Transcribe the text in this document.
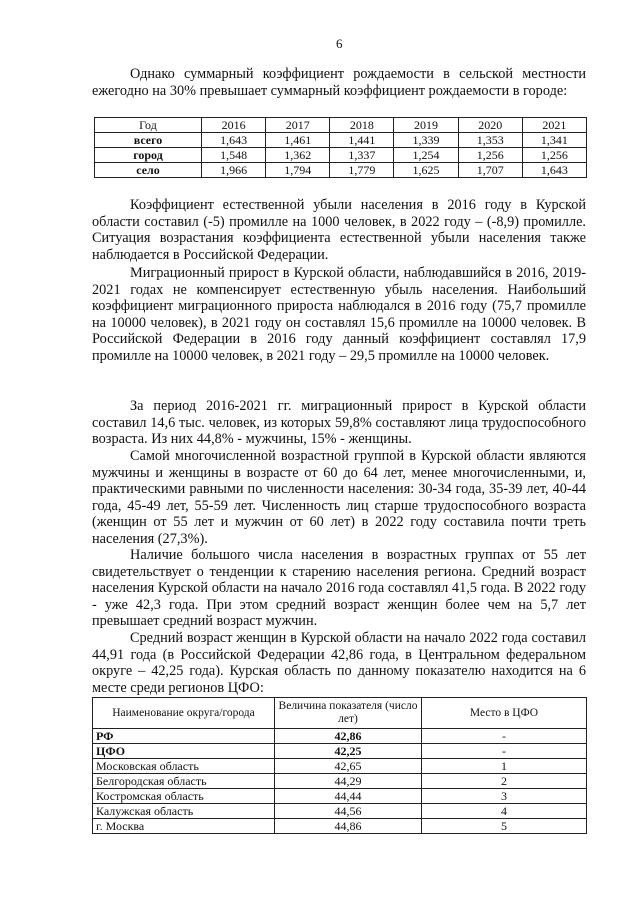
6

Однако суммарный коэффициент рождаемости в сельской местности ежегодно на 30% превышает суммарный коэффициент рождаемости в городе:

Год	2016	2017	2018	2019	2020	2021
всего	1,643	1,461	1,441	1,339	1,353	1,341
город	1,548	1,362	1,337	1,254	1,256	1,256
село	1,966	1,794	1,779	1,625	1,707	1,643

Коэффициент естественной убыли населения в 2016 году в Курской области составил (-5) промилле на 1000 человек, в 2022 году – (-8,9) промилле. Ситуация возрастания коэффициента естественной убыли населения также наблюдается в Российской Федерации.

Миграционный прирост в Курской области, наблюдавшийся в 2016, 2019-2021 годах не компенсирует естественную убыль населения. Наибольший коэффициент миграционного прироста наблюдался в 2016 году (75,7 промилле на 10000 человек), в 2021 году он составлял 15,6 промилле на 10000 человек. В Российской Федерации в 2016 году данный коэффициент составлял 17,9 промилле на 10000 человек, в 2021 году – 29,5 промилле на 10000 человек.

За период 2016-2021 гг. миграционный прирост в Курской области составил 14,6 тыс. человек, из которых 59,8% составляют лица трудоспособного возраста. Из них 44,8% - мужчины, 15% - женщины.

Самой многочисленной возрастной группой в Курской области являются мужчины и женщины в возрасте от 60 до 64 лет, менее многочисленными, и, практическими равными по численности населения: 30-34 года, 35-39 лет, 40-44 года, 45-49 лет, 55-59 лет. Численность лиц старше трудоспособного возраста (женщин от 55 лет и мужчин от 60 лет) в 2022 году составила почти треть населения (27,3%).

Наличие большого числа населения в возрастных группах от 55 лет свидетельствует о тенденции к старению населения региона. Средний возраст населения Курской области на начало 2016 года составлял 41,5 года. В 2022 году - уже 42,3 года. При этом средний возраст женщин более чем на 5,7 лет превышает средний возраст мужчин.

Средний возраст женщин в Курской области на начало 2022 года составил 44,91 года (в Российской Федерации 42,86 года, в Центральном федеральном округе – 42,25 года). Курская область по данному показателю находится на 6 месте среди регионов ЦФО:

Наименование округа/города	Величина показателя (число лет)	Место в ЦФО
РФ	42,86	-
ЦФО	42,25	-
Московская область	42,65	1
Белгородская область	44,29	2
Костромская область	44,44	3
Калужская область	44,56	4
г. Москва	44,86	5
